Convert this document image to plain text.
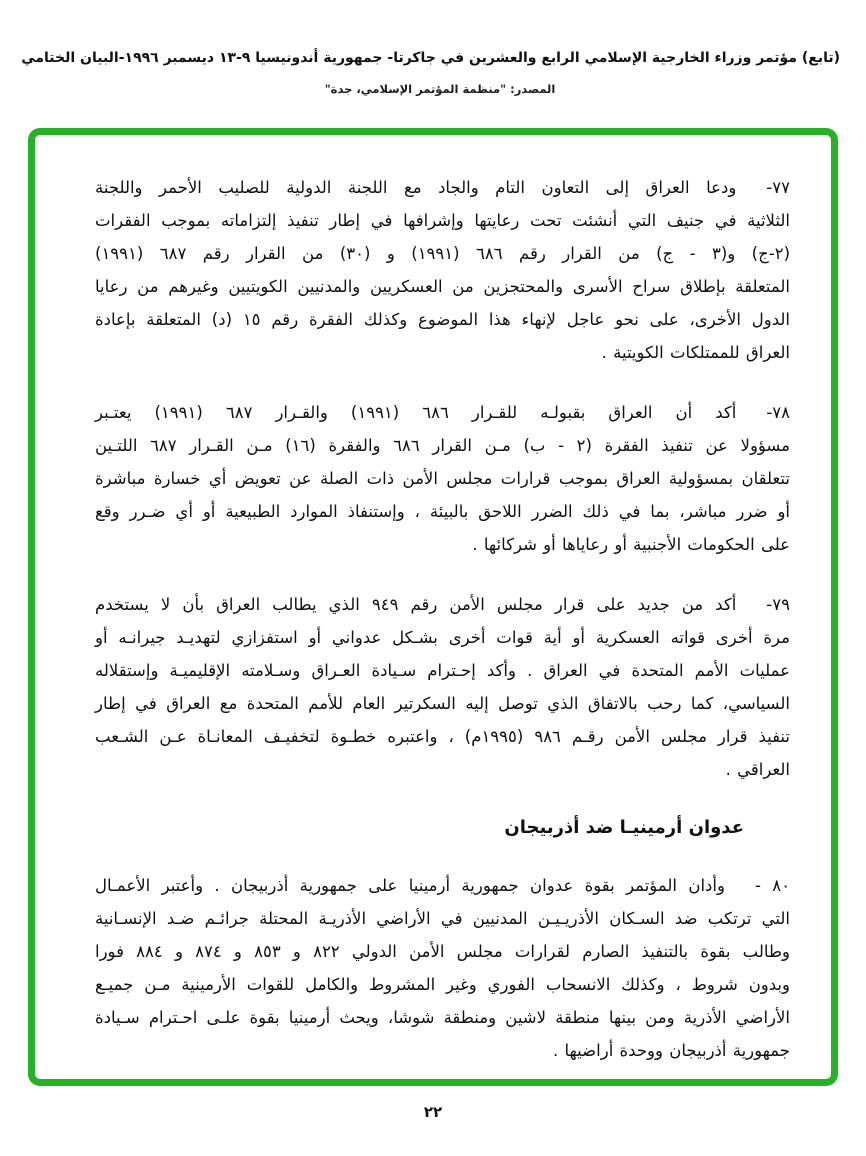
(تابع) مؤتمر وزراء الخارجية الإسلامي الرابع والعشرين في جاكرتا- جمهورية أندونيسيا ٩-١٣ ديسمبر ١٩٩٦-البيان الختامي
المصدر: "منظمة المؤتمر الإسلامي، جدة"
٧٧-ودعا العراق إلى التعاون التام والجاد مع اللجنة الدولية للصليب الأحمر واللجنة
الثلاثية في جنيف التي أنشئت تحت رعايتها وإشرافها في إطار تنفيذ إلتزاماته بموجب الفقرات
(٢-ج) و(٣ - ج) من القرار رقم ٦٨٦ (١٩٩١) و (٣٠) من القرار رقم ٦٨٧ (١٩٩١)
المتعلقة بإطلاق سراح الأسرى والمحتجزين من العسكريين والمدنيين الكويتيين وغيرهم من رعايا
الدول الأخرى، على نحو عاجل لإنهاء هذا الموضوع وكذلك الفقرة رقم ١٥ (د) المتعلقة بإعادة
العراق للممتلكات الكويتية .
٧٨-أكد أن العراق بقبولـه للقـرار ٦٨٦ (١٩٩١) والقـرار ٦٨٧ (١٩٩١) يعتـبر
مسؤولا عن تنفيذ الفقرة (٢ - ب) مـن القرار ٦٨٦ والفقرة (١٦) مـن القـرار ٦٨٧ اللتـين
تتعلقان بمسؤولية العراق بموجب قرارات مجلس الأمن ذات الصلة عن تعويض أي خسارة مباشرة
أو ضرر مباشر، بما في ذلك الضرر اللاحق بالبيئة ، وإستنفاذ الموارد الطبيعية أو أي ضـرر وقع
على الحكومات الأجنبية أو رعاياها أو شركائها .
٧٩-أكد من جديد على قرار مجلس الأمن رقم ٩٤٩ الذي يطالب العراق بأن لا يستخدم
مرة أخرى قواته العسكرية أو أية قوات أخرى بشـكل عدواني أو استفزازي لتهديـد جيرانـه أو
عمليات الأمم المتحدة في العراق . وأكد إحـترام سـيادة العـراق وسـلامته الإقليميـة وإستقلاله
السياسي، كما رحب بالاتفاق الذي توصل إليه السكرتير العام للأمم المتحدة مع العراق في إطار
تنفيذ قرار مجلس الأمن رقـم ٩٨٦ (١٩٩٥م) ، واعتبره خطـوة لتخفيـف المعانـاة عـن الشـعب
العراقي .
عدوان أرمينيـا ضد أذربيجان
٨٠ -وأدان المؤتمر بقوة عدوان جمهورية أرمينيا على جمهورية أذربيجان . وأعتبر الأعمـال
التي ترتكب ضد السـكان الأذريـيـن المدنيين في الأراضي الأذريـة المحتلة جرائـم ضـد الإنسـانية
وطالب بقوة بالتنفيذ الصارم لقرارات مجلس الأمن الدولي ٨٢٢ و ٨٥٣ و ٨٧٤ و ٨٨٤ فورا
وبدون شروط ، وكذلك الانسحاب الفوري وغير المشروط والكامل للقوات الأرمينية مـن جميـع
الأراضي الأذرية ومن بينها منطقة لاشين ومنطقة شوشا، ويحث أرمينيا بقوة علـى احـترام سـيادة
جمهورية أذربيجان ووحدة أراضيها .
٢٢
